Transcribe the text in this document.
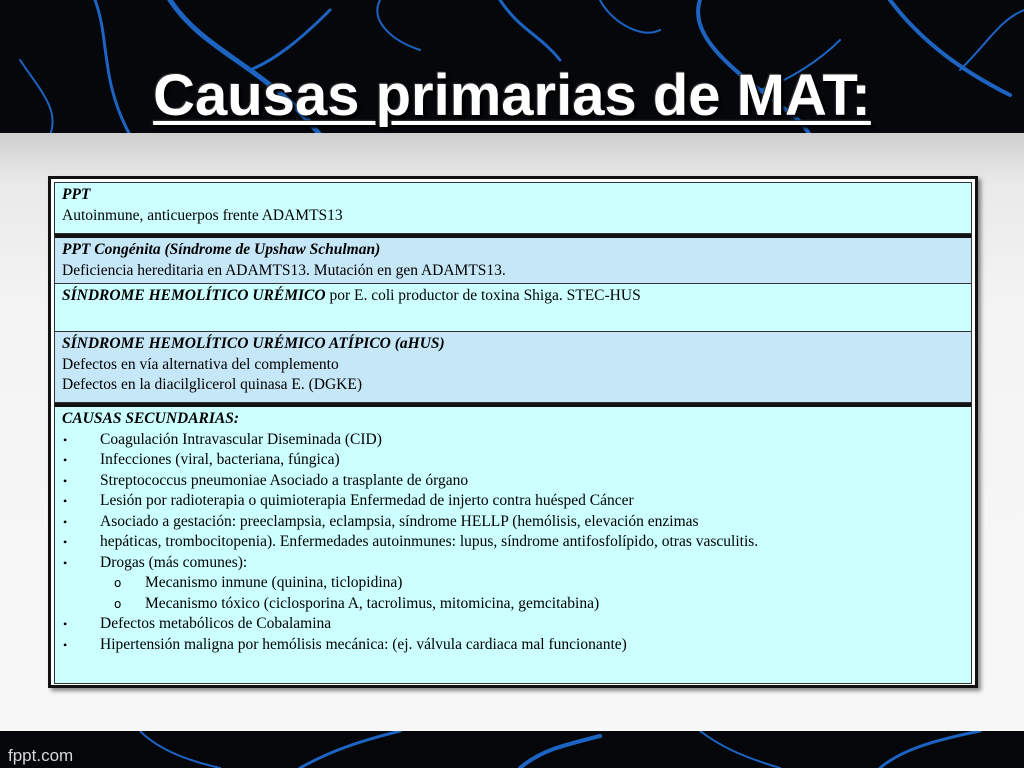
Causas primarias de MAT:
PPT
Autoinmune, anticuerpos frente ADAMTS13
PPT Congénita (Síndrome de Upshaw Schulman)
Deficiencia hereditaria en ADAMTS13. Mutación en gen ADAMTS13.
SÍNDROME HEMOLÍTICO URÉMICO por E. coli productor de toxina Shiga. STEC-HUS
SÍNDROME HEMOLÍTICO URÉMICO ATÍPICO (aHUS)
Defectos en vía alternativa del complemento
Defectos en la diacilglicerol quinasa E. (DGKE)
CAUSAS SECUNDARIAS:
• Coagulación Intravascular Diseminada (CID)
• Infecciones (viral, bacteriana, fúngica)
• Streptococcus pneumoniae Asociado a trasplante de órgano
• Lesión por radioterapia o quimioterapia Enfermedad de injerto contra huésped Cáncer
• Asociado a gestación: preeclampsia, eclampsia, síndrome HELLP (hemólisis, elevación enzimas
• hepáticas, trombocitopenia). Enfermedades autoinmunes: lupus, síndrome antifosfolípido, otras vasculitis.
• Drogas (más comunes):
o Mecanismo inmune (quinina, ticlopidina)
o Mecanismo tóxico (ciclosporina A, tacrolimus, mitomicina, gemcitabina)
• Defectos metabólicos de Cobalamina
• Hipertensión maligna por hemólisis mecánica: (ej. válvula cardiaca mal funcionante)
fppt.com
